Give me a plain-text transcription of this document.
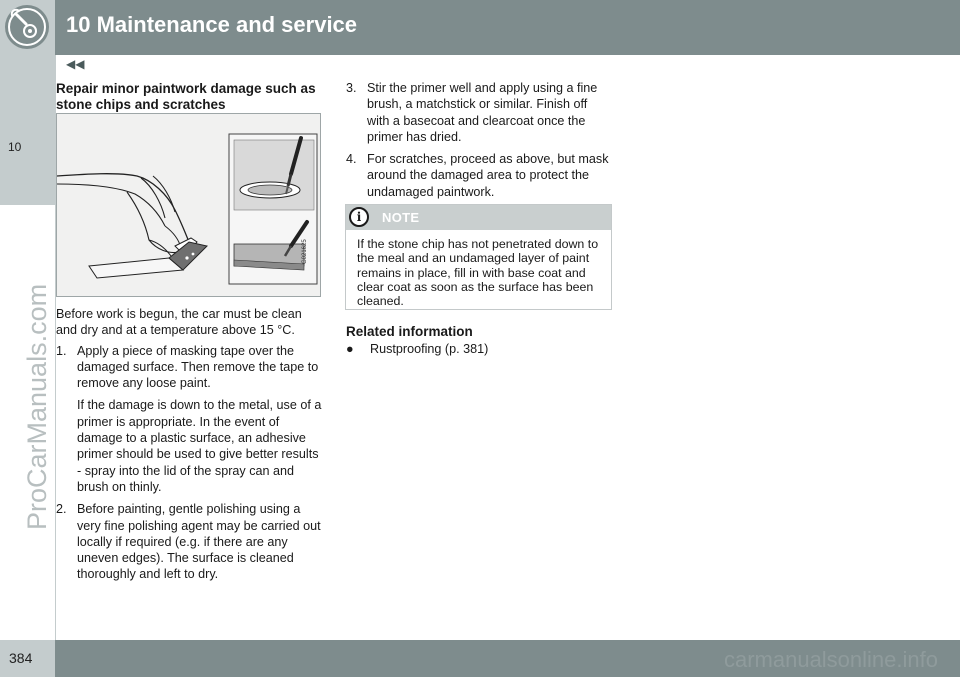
10 Maintenance and service
10
ProCarManuals.com
◀◀
Repair minor paintwork damage such as stone chips and scratches
G021625

Before work is begun, the car must be clean and dry and at a temperature above 15 °C.

1. Apply a piece of masking tape over the damaged surface. Then remove the tape to remove any loose paint.
If the damage is down to the metal, use of a primer is appropriate. In the event of damage to a plastic surface, an adhesive primer should be used to give better results - spray into the lid of the spray can and brush on thinly.
2. Before painting, gentle polishing using a very fine polishing agent may be carried out locally if required (e.g. if there are any uneven edges). The surface is cleaned thoroughly and left to dry.
3. Stir the primer well and apply using a fine brush, a matchstick or similar. Finish off with a basecoat and clearcoat once the primer has dried.
4. For scratches, proceed as above, but mask around the damaged area to protect the undamaged paintwork.
i	NOTE
If the stone chip has not penetrated down to the meal and an undamaged layer of paint remains in place, fill in with base coat and clear coat as soon as the surface has been cleaned.
Related information
● Rustproofing (p. 381)
384	carmanualsonline.info
